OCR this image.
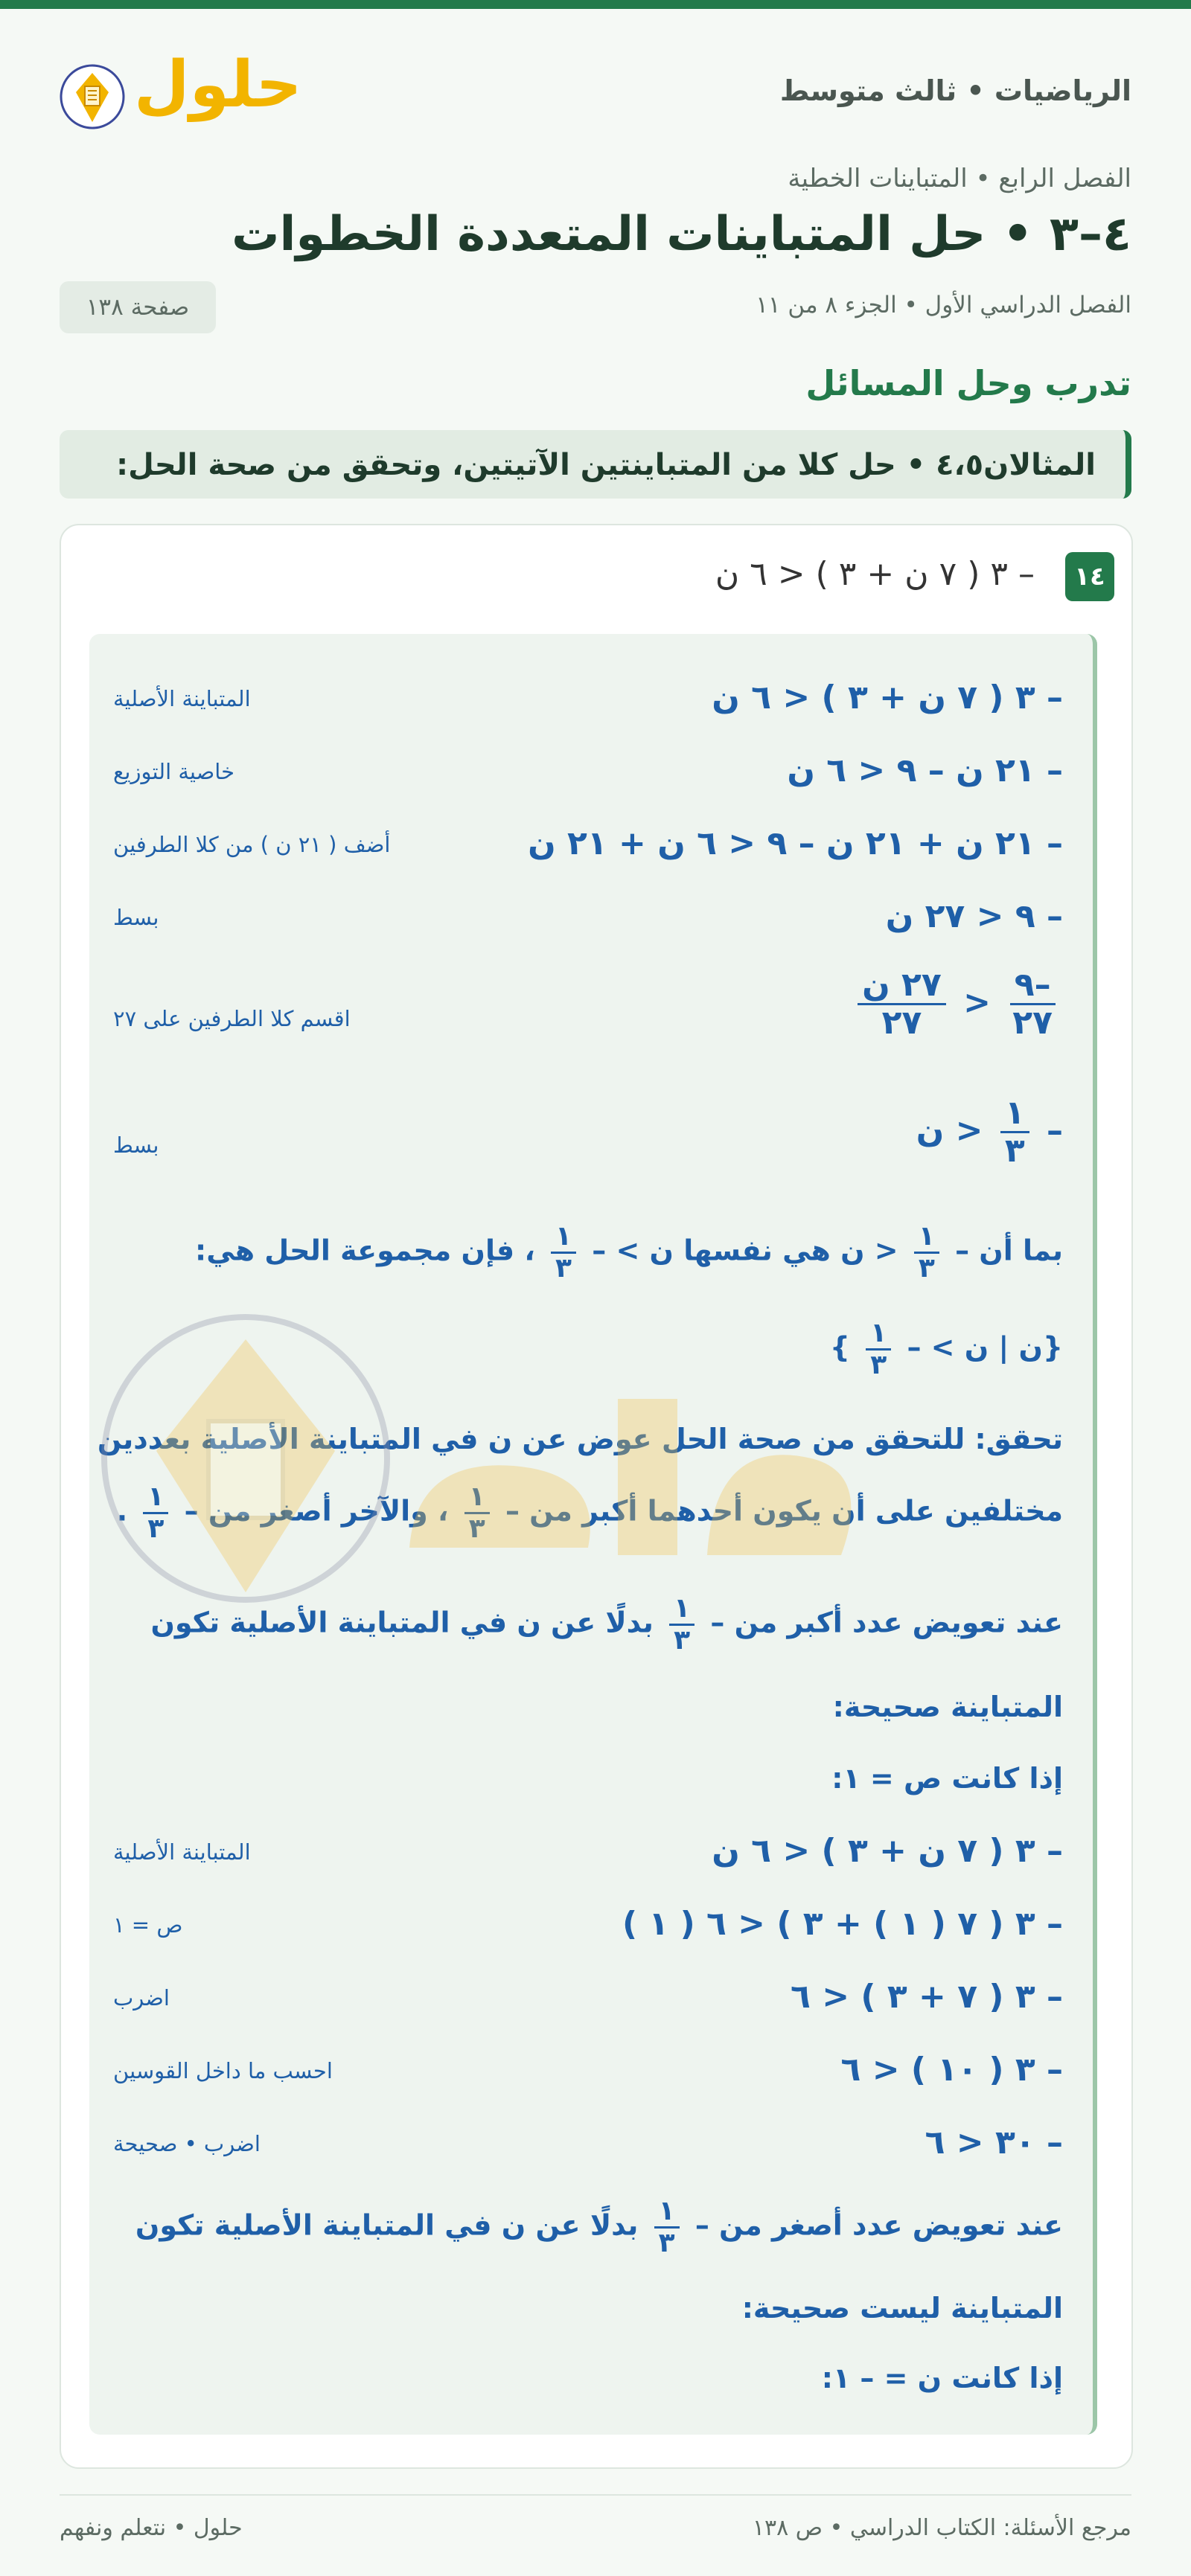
الرياضيات • ثالث متوسط
حلول
الفصل الرابع • المتباينات الخطية
٤–٣ • حل المتباينات المتعددة الخطوات
الفصل الدراسي الأول • الجزء ٨ من ١١
صفحة ١٣٨
تدرب وحل المسائل
المثالان٤،٥ • حل كلا من المتباينتين الآتيتين، وتحقق من صحة الحل:
١٤
– ٣ ( ٧ ن + ٣ ) < ٦ ن
– ٣ ( ٧ ن + ٣ ) < ٦ ن
المتباينة الأصلية
– ٢١ ن – ٩ < ٦ ن
خاصية التوزيع
– ٢١ ن + ٢١ ن – ٩ < ٦ ن + ٢١ ن
أضف ( ٢١ ن ) من كلا الطرفين
– ٩ < ٢٧ ن
بسط
$\frac{-٩}{٢٧}$
<
$\frac{\text{٢٧ ن}}{٢٧}$
اقسم كلا الطرفين على ٢٧
–
$\frac{١}{٣}$
< ن
بسط
بما أن –
$\frac{١}{٣}$
< ن هي نفسها ن > –
$\frac{١}{٣}$
، فإن مجموعة الحل هي:
{ن | ن > –
$\frac{١}{٣}$
}
تحقق: للتحقق من صحة الحل عوض عن ن في المتباينة الأصلية بعددين
مختلفين على أن يكون أحدهما أكبر من –
$\frac{١}{٣}$
، والآخر أصغر من –
$\frac{١}{٣}$
.
عند تعويض عدد أكبر من –
$\frac{١}{٣}$
بدلًا عن ن في المتباينة الأصلية تكون
المتباينة صحيحة:
إذا كانت ص = ١:
– ٣ ( ٧ ن + ٣ ) < ٦ ن
المتباينة الأصلية
– ٣ ( ٧ ( ١ ) + ٣ ) < ٦ ( ١ )
ص = ١
– ٣ ( ٧ + ٣ ) < ٦
اضرب
– ٣ ( ١٠ ) < ٦
احسب ما داخل القوسين
– ٣٠ < ٦
اضرب • صحيحة
عند تعويض عدد أصغر من –
$\frac{١}{٣}$
بدلًا عن ن في المتباينة الأصلية تكون
المتباينة ليست صحيحة:
إذا كانت ن = – ١:
مرجع الأسئلة: الكتاب الدراسي • ص ١٣٨
حلول • نتعلم ونفهم
